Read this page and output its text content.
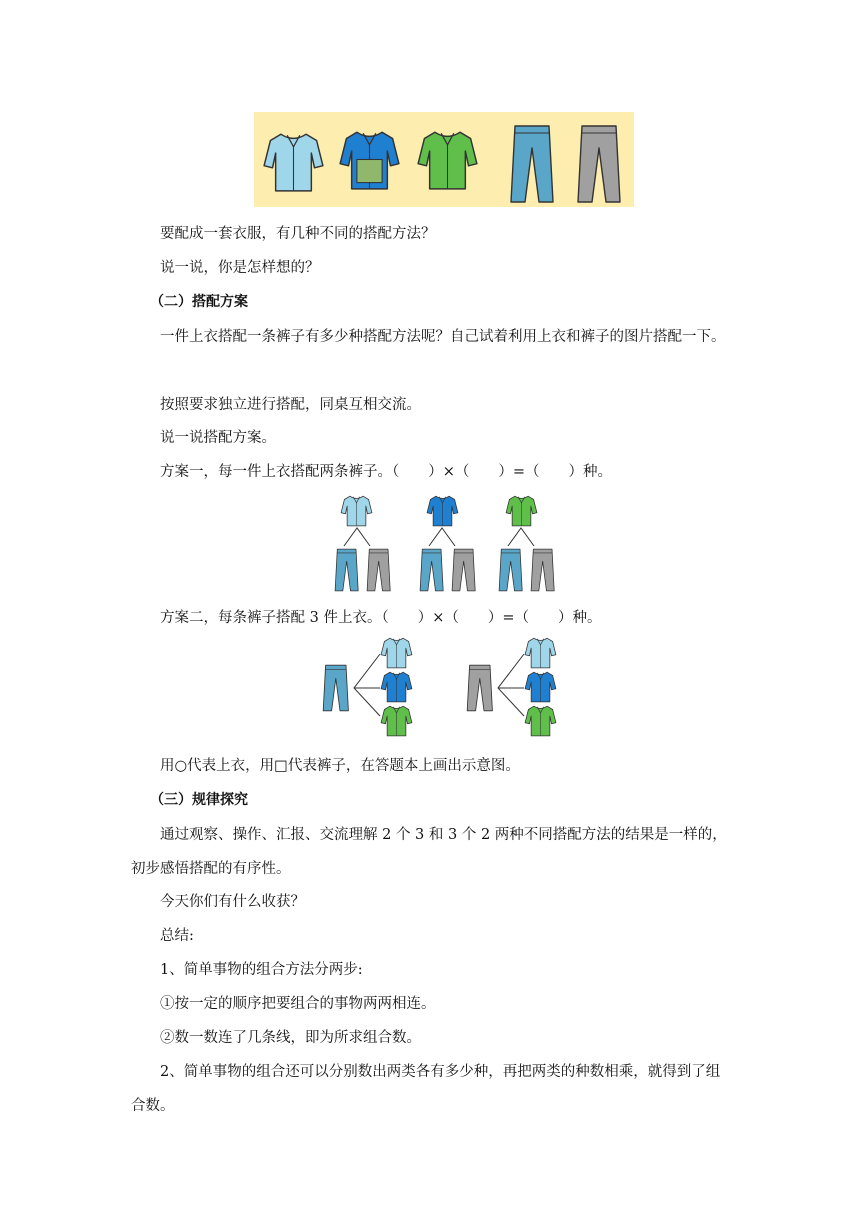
要配成一套衣服，有几种不同的搭配方法？
说一说，你是怎样想的？
（二）搭配方案
一件上衣搭配一条裤子有多少种搭配方法呢？自己试着利用上衣和裤子的图片搭配一下。
按照要求独立进行搭配，同桌互相交流。
说一说搭配方案。
方案一，每一件上衣搭配两条裤子。（　　）×（　　）=（　　）种。
方案二，每条裤子搭配 3 件上衣。（　　）×（　　）=（　　）种。
用○代表上衣，用□代表裤子，在答题本上画出示意图。
（三）规律探究
通过观察、操作、汇报、交流理解 2 个 3 和 3 个 2 两种不同搭配方法的结果是一样的，初步感悟搭配的有序性。
今天你们有什么收获？
总结:
1、简单事物的组合方法分两步:
①按一定的顺序把要组合的事物两两相连。
②数一数连了几条线，即为所求组合数。
2、简单事物的组合还可以分别数出两类各有多少种，再把两类的种数相乘，就得到了组合数。
